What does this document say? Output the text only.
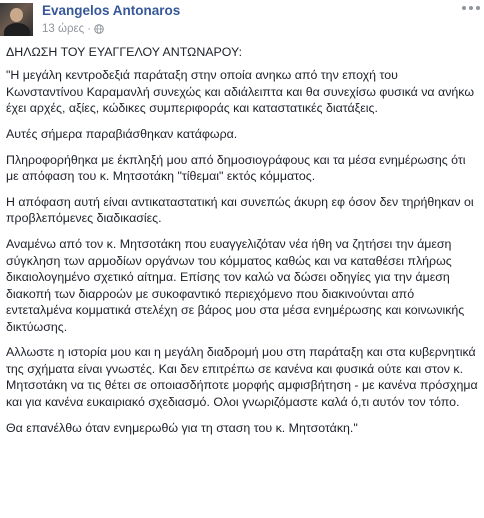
Evangelos Antonaros
13 ώρες ·

ΔΗΛΩΣΗ ΤΟΥ ΕΥΑΓΓΕΛΟΥ ΑΝΤΩΝΑΡΟΥ:

"Η μεγάλη κεντροδεξιά παράταξη στην οποία ανηκω από την εποχή του Κωνσταντίνου Καραμανλή συνεχώς και αδιάλειπτα και θα συνεχίσω φυσικά να ανήκω έχει αρχές, αξίες, κώδικες συμπεριφοράς και καταστατικές διατάξεις.

Αυτές σήμερα παραβιάσθηκαν κατάφωρα.

Πληροφορήθηκα με έκπληξή μου από δημοσιογράφους και τα μέσα ενημέρωσης ότι με απόφαση του κ. Μητσοτάκη "τίθεμαι" εκτός κόμματος.

Η απόφαση αυτή είναι αντικαταστατική και συνεπώς άκυρη εφ όσον δεν τηρήθηκαν οι προβλεπόμενες διαδικασίες.

Αναμένω από τον κ. Μητσοτάκη που ευαγγελιζόταν νέα ήθη να ζητήσει την άμεση σύγκληση των αρμοδίων οργάνων του κόμματος καθώς και να καταθέσει πλήρως δικαιολογημένο σχετικό αίτημα. Επίσης τον καλώ να δώσει οδηγίες για την άμεση διακοπή των διαρροών με συκοφαντικό περιεχόμενο που διακινούνται από εντεταλμένα κομματικά στελέχη σε βάρος μου στα μέσα ενημέρωσης και κοινωνικής δικτύωσης.

Αλλωστε η ιστορία μου και η μεγάλη διαδρομή μου στη παράταξη και στα κυβερνητικά της σχήματα είναι γνωστές. Και δεν επιτρέπω σε κανένα και φυσικά ούτε και στον κ. Μητσοτάκη να τις θέτει σε οποιασδήποτε μορφής αμφισβήτηση - με κανένα πρόσχημα και για κανένα ευκαιριακό σχεδιασμό. Ολοι γνωριζόμαστε καλά ό,τι αυτόν τον τόπο.

Θα επανέλθω όταν ενημερωθώ για τη σταση του κ. Μητσοτάκη."
